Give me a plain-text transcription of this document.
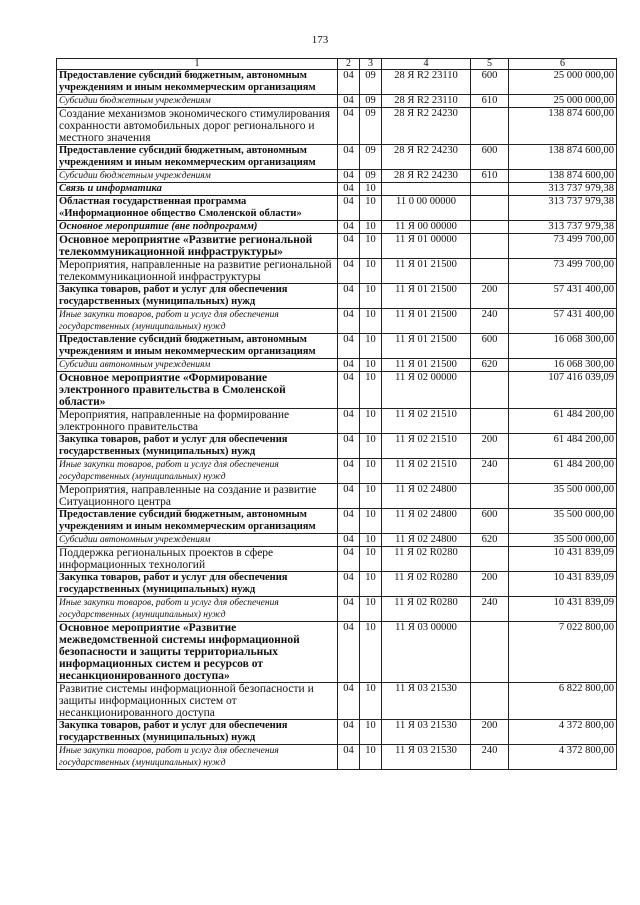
173
1	2	3	4	5	6
Предоставление субсидий бюджетным, автономным учреждениям и иным некоммерческим организациям	04	09	28 Я R2 23110	600	25 000 000,00
Субсидии бюджетным учреждениям	04	09	28 Я R2 23110	610	25 000 000,00
Создание механизмов экономического стимулирования сохранности автомобильных дорог регионального и местного значения	04	09	28 Я R2 24230		138 874 600,00
Предоставление субсидий бюджетным, автономным учреждениям и иным некоммерческим организациям	04	09	28 Я R2 24230	600	138 874 600,00
Субсидии бюджетным учреждениям	04	09	28 Я R2 24230	610	138 874 600,00
Связь и информатика	04	10			313 737 979,38
Областная государственная программа «Информационное общество Смоленской области»	04	10	11 0 00 00000		313 737 979,38
Основное мероприятие (вне подпрограмм)	04	10	11 Я 00 00000		313 737 979,38
Основное мероприятие «Развитие региональной телекоммуникационной инфраструктуры»	04	10	11 Я 01 00000		73 499 700,00
Мероприятия, направленные на развитие региональной телекоммуникационной инфраструктуры	04	10	11 Я 01 21500		73 499 700,00
Закупка товаров, работ и услуг для обеспечения государственных (муниципальных) нужд	04	10	11 Я 01 21500	200	57 431 400,00
Иные закупки товаров, работ и услуг для обеспечения государственных (муниципальных) нужд	04	10	11 Я 01 21500	240	57 431 400,00
Предоставление субсидий бюджетным, автономным учреждениям и иным некоммерческим организациям	04	10	11 Я 01 21500	600	16 068 300,00
Субсидии автономным учреждениям	04	10	11 Я 01 21500	620	16 068 300,00
Основное мероприятие «Формирование электронного правительства в Смоленской области»	04	10	11 Я 02 00000		107 416 039,09
Мероприятия, направленные на формирование электронного правительства	04	10	11 Я 02 21510		61 484 200,00
Закупка товаров, работ и услуг для обеспечения государственных (муниципальных) нужд	04	10	11 Я 02 21510	200	61 484 200,00
Иные закупки товаров, работ и услуг для обеспечения государственных (муниципальных) нужд	04	10	11 Я 02 21510	240	61 484 200,00
Мероприятия, направленные на создание и развитие Ситуационного центра	04	10	11 Я 02 24800		35 500 000,00
Предоставление субсидий бюджетным, автономным учреждениям и иным некоммерческим организациям	04	10	11 Я 02 24800	600	35 500 000,00
Субсидии автономным учреждениям	04	10	11 Я 02 24800	620	35 500 000,00
Поддержка региональных проектов в сфере информационных технологий	04	10	11 Я 02 R0280		10 431 839,09
Закупка товаров, работ и услуг для обеспечения государственных (муниципальных) нужд	04	10	11 Я 02 R0280	200	10 431 839,09
Иные закупки товаров, работ и услуг для обеспечения государственных (муниципальных) нужд	04	10	11 Я 02 R0280	240	10 431 839,09
Основное мероприятие «Развитие межведомственной системы информационной безопасности и защиты территориальных информационных систем и ресурсов от несанкционированного доступа»	04	10	11 Я 03 00000		7 022 800,00
Развитие системы информационной безопасности и защиты информационных систем от несанкционированного доступа	04	10	11 Я 03 21530		6 822 800,00
Закупка товаров, работ и услуг для обеспечения государственных (муниципальных) нужд	04	10	11 Я 03 21530	200	4 372 800,00
Иные закупки товаров, работ и услуг для обеспечения государственных (муниципальных) нужд	04	10	11 Я 03 21530	240	4 372 800,00
